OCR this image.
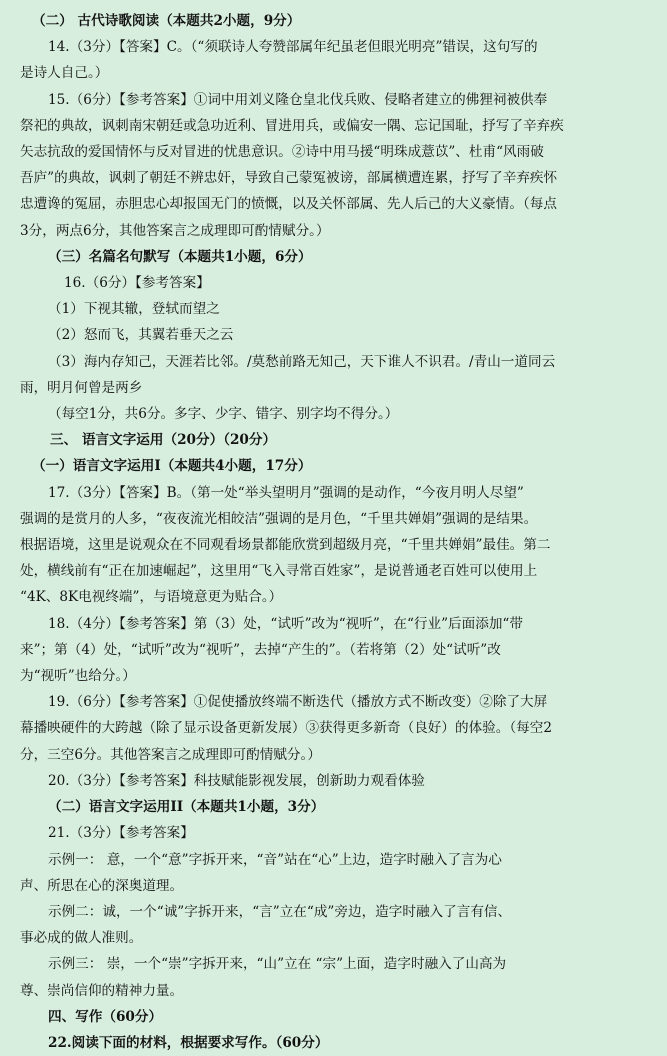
（二） 古代诗歌阅读（本题共2小题，9分）
14.（3分）【答案】C。（“须联诗人夸赞部属年纪虽老但眼光明亮”错误，这句写的
是诗人自己。）
15.（6分）【参考答案】①词中用刘义隆仓皇北伐兵败、侵略者建立的佛狸祠被供奉
祭祀的典故，讽刺南宋朝廷或急功近利、冒进用兵，或偏安一隅、忘记国耻，抒写了辛弃疾
矢志抗敌的爱国情怀与反对冒进的忧患意识。②诗中用马援“明珠成薏苡”、杜甫“风雨破
吾庐”的典故，讽刺了朝廷不辨忠奸，导致自己蒙冤被谤，部属横遭连累，抒写了辛弃疾怀
忠遭谗的冤屈，赤胆忠心却报国无门的愤慨，以及关怀部属、先人后己的大义豪情。（每点
3分，两点6分，其他答案言之成理即可酌情赋分。）
（三）名篇名句默写（本题共1小题，6分）
16.（6分）【参考答案】
（1）下视其辙，登轼而望之
（2）怒而飞，其翼若垂天之云
（3）海内存知己，天涯若比邻。/莫愁前路无知己，天下谁人不识君。/青山一道同云
雨，明月何曾是两乡
（每空1分，共6分。多字、少字、错字、别字均不得分。）
三、 语言文字运用（20分）（20分）
（一）语言文字运用Ⅰ（本题共4小题，17分）
17.（3分）【答案】B。（第一处“举头望明月”强调的是动作，“今夜月明人尽望”
强调的是赏月的人多，“夜夜流光相皎洁”强调的是月色，“千里共婵娟”强调的是结果。
根据语境，这里是说观众在不同观看场景都能欣赏到超级月亮，“千里共婵娟”最佳。第二
处，横线前有“正在加速崛起”，这里用“飞入寻常百姓家”，是说普通老百姓可以使用上
“4K、8K电视终端”，与语境意更为贴合。）
18.（4分）【参考答案】第（3）处，“试听”改为“视听”，在“行业”后面添加“带
来”；第（4）处，“试听”改为“视听”，去掉“产生的”。（若将第（2）处“试听”改
为“视听”也给分。）
19.（6分）【参考答案】①促使播放终端不断迭代（播放方式不断改变）②除了大屏
幕播映硬件的大跨越（除了显示设备更新发展）③获得更多新奇（良好）的体验。（每空2
分，三空6分。其他答案言之成理即可酌情赋分。）
20.（3分）【参考答案】科技赋能影视发展，创新助力观看体验
（二）语言文字运用II（本题共1小题，3分）
21.（3分）【参考答案】
示例一： 意，一个“意”字拆开来，“音”站在“心”上边，造字时融入了言为心
声、所思在心的深奥道理。
示例二：诚，一个“诚”字拆开来，“言”立在“成”旁边，造字时融入了言有信、
事必成的做人准则。
示例三： 崇，一个“崇”字拆开来，“山”立在 “宗”上面，造字时融入了山高为
尊、崇尚信仰的精神力量。
四、写作（60分）
22.阅读下面的材料，根据要求写作。（60分）
